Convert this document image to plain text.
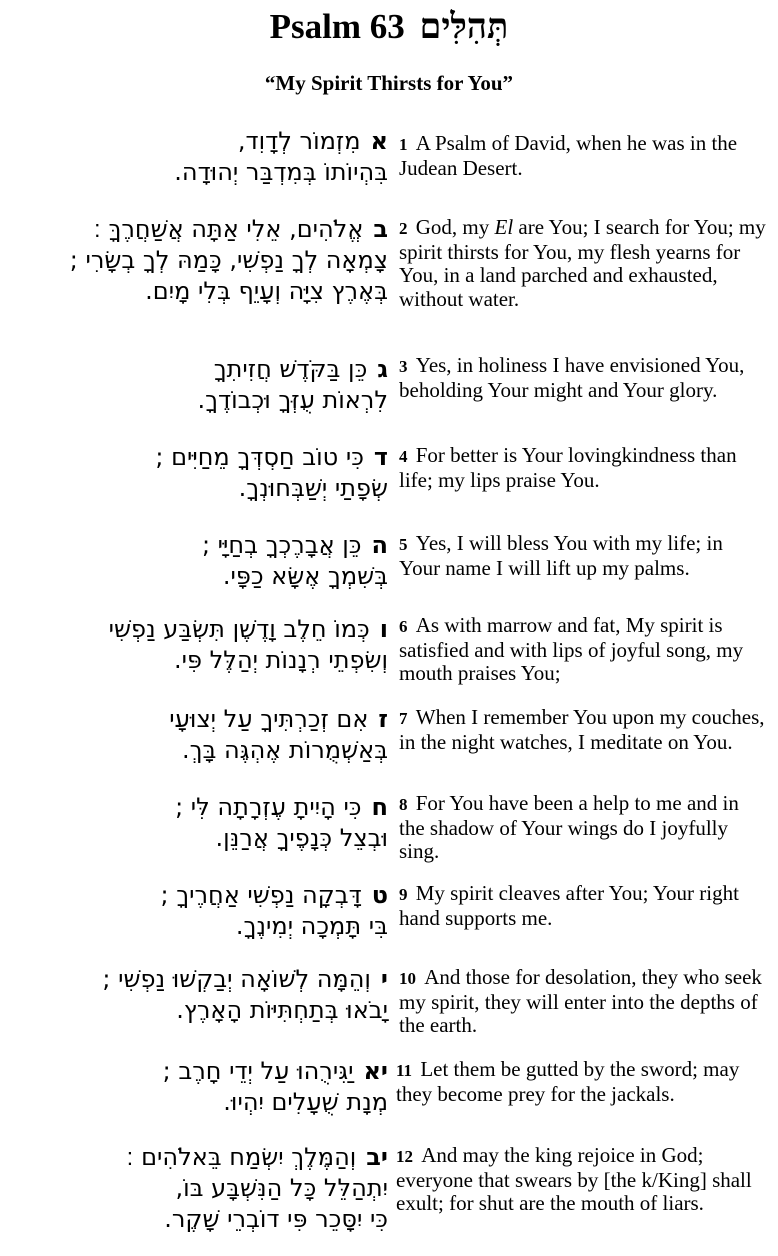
Psalm 63 תְּהִלִּים
“My Spirit Thirsts for You”
אמִזְמוֹר לְדָוִד,
בִּהְיוֹתוֹ בְּמִדְבַּר יְהוּדָה.
1 A Psalm of David, when he was in the Judean Desert.
באֱלֹהִים, אֵלִי אַתָּה אֲשַׁחֲרֶךָּ ׃
צָמְאָה לְךָ נַפְשִׁי, כָּמַהּ לְךָ בְשָׂרִי ;
בְּאֶרֶץ צִיָּה וְעָיֵף בְּלִי מָיִם.
2 God, my El are You; I search for You; my spirit thirsts for You, my flesh yearns for You, in a land parched and exhausted, without water.
גכֵּן בַּקֹּדֶשׁ חֲזִיתִךָ
לִרְאוֹת עֻזְּךָ וּכְבוֹדֶךָ.
3 Yes, in holiness I have envisioned You, beholding Your might and Your glory.
דכִּי טוֹב חַסְדְּךָ מֵחַיִּים ;
שְׂפָתַי יְשַׁבְּחוּנְךָ.
4 For better is Your lovingkindness than life; my lips praise You.
הכֵּן אֲבָרֶכְךָ בְחַיָּי ;
בְּשִׁמְךָ אֶשָּׂא כַפָּי.
5 Yes, I will bless You with my life; in Your name I will lift up my palms.
וכְּמוֹ חֵלֶב וָדֶשֶׁן תִּשְׂבַּע נַפְשִׁי
וְשִׂפְתֵי רְנָנוֹת יְהַלֶּל פִּי.
6 As with marrow and fat, My spirit is satisfied and with lips of joyful song, my mouth praises You;
זאִם זְכַרְתִּיךָ עַל יְצוּעָי
בְּאַשְׁמֻרוֹת אֶהְגֶּה בָּךְ.
7 When I remember You upon my couches, in the night watches, I meditate on You.
חכִּי הָיִיתָ עֶזְרָתָה לִּי ;
וּבְצֵל כְּנָפֶיךָ אֲרַנֵּן.
8 For You have been a help to me and in the shadow of Your wings do I joyfully sing.
טדָּבְקָה נַפְשִׁי אַחֲרֶיךָ ;
בִּי תָּמְכָה יְמִינֶךָ.
9 My spirit cleaves after You; Your right hand supports me.
יוְהֵמָּה לְשׁוֹאָה יְבַקְשׁוּ נַפְשִׁי ;
יָבֹאוּ בְּתַחְתִּיּוֹת הָאָרֶץ.
10 And those for desolation, they who seek my spirit, they will enter into the depths of the earth.
יאיַגִּירֻהוּ עַל יְדֵי חָרֶב ;
מְנָת שֻׁעָלִים יִהְיוּ.
11 Let them be gutted by the sword; may they become prey for the jackals.
יבוְהַמֶּלֶךְ יִשְׂמַח בֵּאלֹהִים ׃
יִתְהַלֵּל כָּל הַנִּשְׁבָּע בּוֹ,
כִּי יִסָּכֵר פִּי דוֹבְרֵי שָׁקֶר.
12 And may the king rejoice in God; everyone that swears by [the k/King] shall exult; for shut are the mouth of liars.
